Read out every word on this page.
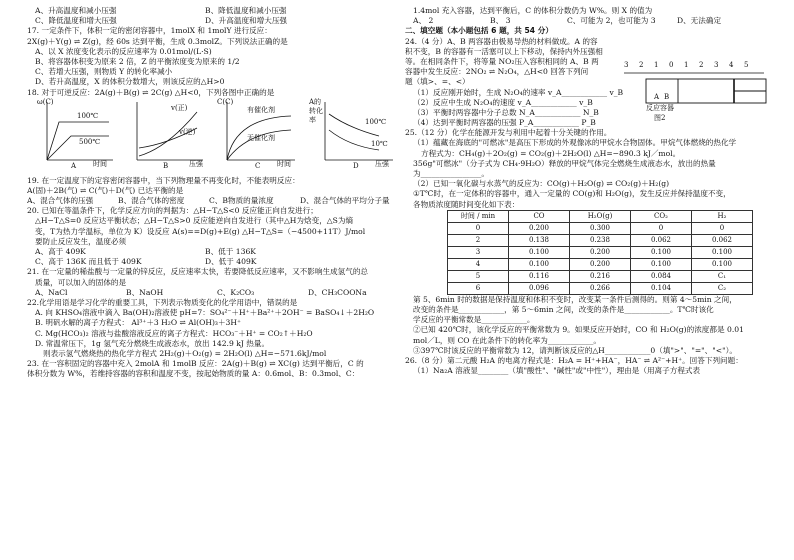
A、升高温度和减小压强	B、降低温度和减小压强
C、降低温度和增大压强	D、升高温度和增大压强
17. 一定条件下，体积一定的密闭容器中，1molX 和 1molY 进行反应：
2X(g)＋Y(g) ⇌ Z(g)，经 60s 达到平衡，生成 0.3molZ。下列说法正确的是
A、以 X 浓度变化表示的反应速率为 0.01mol/(L·S)
B、将容器体积变为原来 2 倍，Z 的平衡浓度变为原来的 1/2
C、若增大压强，则物质 Y 的转化率减小
D、若升高温度，X 的体积分数增大，则该反应的△H>0
18. 对于可逆反应：2A(g)＋B(g) ⇌ 2C(g) △H<0，下列各图中正确的是
ω(C)
100℃
500℃
时间
A
v(正)
v(逆)
压强
B
C(C)
有催化剂
无催化剂
时间
C
A的转化率	100℃
10℃
压强
D
19. 在一定温度下的定容密闭容器中，当下列物理量不再变化时，不能表明反应：
A(固)＋2B(气) ⇌ C(气)＋D(气) 已达平衡的是
A、混合气体的压强	B、混合气体的密度	C、B物质的量浓度	D、混合气体的平均分子量
20. 已知在等温条件下，化学反应方向的判据为：△H−T△S<0 反应能正向自发进行；
△H−T△S=0 反应达平衡状态；△H−T△S>0 反应能逆向自发进行（其中△H为焓变，△S为熵
变，T为热力学温标，单位为 K）设反应 A(s)==D(g)+E(g) △H−T△S=（−4500+11T）J/mol
要防止反应发生，温度必须
A、高于 409K	B、低于 136K
C、高于 136K 而且低于 409K	D、低于 409K
21. 在一定量的稀盐酸与一定量的锌反应，反应速率太快，若要降低反应速率，又不影响生成氢气的总
质量，可以加入的固体的是
A、NaCl	B、NaOH	C、K₂CO₃	D、CH₃COONa
22.化学用语是学习化学的重要工具，下列表示物质变化的化学用语中，错误的是
A. 向 KHSO₄溶液中滴入 Ba(OH)₂溶液使 pH=7：SO₄²⁻＋H⁺＋Ba²⁺＋2OH⁻ = BaSO₄↓＋2H₂O
B. 明矾水解的离子方程式： Al³⁺＋3 H₂O ⇌ Al(OH)₃＋3H⁺
C. Mg(HCO₃)₂ 溶液与盐酸溶液反应的离子方程式：HCO₃⁻＋H⁺ = CO₂↑＋H₂O
D. 常温常压下，1g 氢气充分燃烧生成液态水，放出 142.9 kJ 热量。
则表示氢气燃烧热的热化学方程式 2H₂(g)＋O₂(g) = 2H₂O(l) △H=−571.6kJ/mol
23. 在一容积固定的容器中充入 2molA 和 1molB 反应：2A(g)＋B(g) ⇌ XC(g) 达到平衡后，C 的
体积分数为 W%，若维持容器的容积和温度不变，按起始物质的量 A：0.6mol、B：0.3mol、C：
1.4mol 充入容器，达到平衡后，C 的体积分数仍为 W%。则 X 的值为
A、 2	B、 3	C、可能为 2，也可能为 3	D、无法确定
二、填空题（本小题包括 6 题，共 54 分）
24.（4 分）A、B 两容器由极易导热的材料做成。A 的容
积不变，B 的容器有一活塞可以上下移动，保持内外压强相
等。在相同条件下，将等量 NO₂压入容积相同的 A、B 两
容器中发生反应：2NO₂ ⇌ N₂O₄，△H<0 回答下列问
题（填>、=、<）
（1）反应刚开始时，生成 N₂O₄的速率 v_A____________ v_B
（2）反应中生成 N₂O₄的速度 v_A____________ v_B
（3）平衡时两容器中分子总数 N_A____________ N_B
（4）达到平衡时两容器的压强 P_A____________ P_B
3 2 1 0 1 2 3 4 5
A B
反应容器
图2
25.（12 分）化学在能源开发与利用中起着十分关键的作用。
（1）蕴藏在海底的"可燃冰"是高压下形成的外观像冰的甲烷水合物固体。甲烷气体燃烧的热化学
方程式为：CH₄(g)＋2O₂(g) = CO₂(g)＋2H₂O(l) △H=−890.3 kJ／mol。
356g"可燃冰"（分子式为 CH₄·9H₂O）释放的甲烷气体完全燃烧生成液态水，放出的热量
为________________。
（2）已知一氧化碳与水蒸气的反应为：CO(g)＋H₂O(g) ⇌ CO₂(g)＋H₂(g)
①T℃时，在一定体积的容器中，通入一定量的 CO(g)和 H₂O(g)，发生反应并保持温度不变，
各物质浓度随时间变化如下表：
时间 / min	CO	H₂O(g)	CO₂	H₂
0	0.200	0.300	0	0
2	0.138	0.238	0.062	0.062
3	0.100	0.200	0.100	0.100
4	0.100	0.200	0.100	0.100
5	0.116	0.216	0.084	C₁
6	0.096	0.266	0.104	C₂
第 5、6min 时的数据是保持温度和体积不变时，改变某一条件后测得的。则第 4～5min 之间，
改变的条件是____________，第 5～6min 之间，改变的条件是____________。T℃时该化
学反应的平衡常数是____________。
②已知 420℃时，该化学反应的平衡常数为 9。如果反应开始时，CO 和 H₂O(g)的浓度都是 0.01
mol／L，则 CO 在此条件下的转化率为____________。
③397℃时该反应的平衡常数为 12，请判断该反应的△H____________0（填">"、"="、"<"）。
26.（8 分）第二元酸 H₂A 的电离方程式是：H₂A = H⁺+HA⁻，HA⁻ ⇌ A²⁻+H⁺。回答下列问题：
（1）Na₂A 溶液显________（填"酸性"、"碱性"或"中性"），理由是（用离子方程式表
